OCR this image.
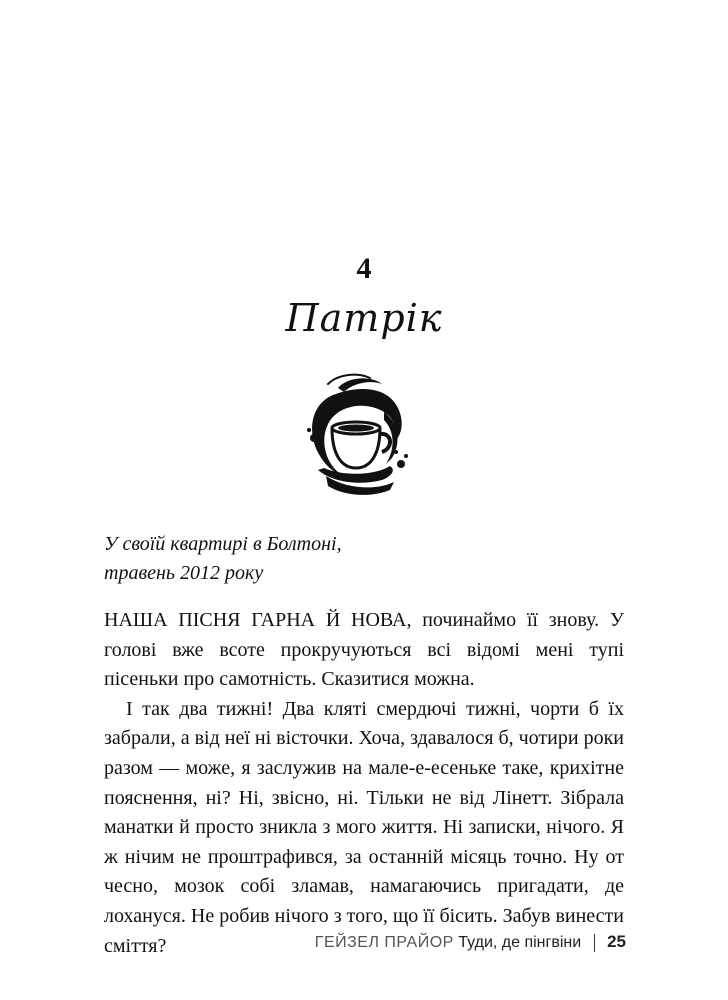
4
Патрік
У своїй квартирі в Болтоні,
травень 2012 року

НАША ПІСНЯ ГАРНА Й НОВА, починаймо її знову. У голові вже всоте прокручуються всі відомі мені тупі пісеньки про самотність. Сказитися можна.

І так два тижні! Два кляті смердючі тижні, чорти б їх забрали, а від неї ні вісточки. Хоча, здавалося б, чотири роки разом — може, я заслужив на мале-е-есеньке таке, крихітне пояснення, ні? Ні, звісно, ні. Тільки не від Лінетт. Зібрала манатки й просто зникла з мого життя. Ні записки, нічого. Я ж нічим не проштрафився, за останній місяць точно. Ну от чесно, мозок собі зламав, намагаючись пригадати, де лохануся. Не робив нічого з того, що її бісить. Забув винести сміття?	ГЕЙЗЕЛ ПРАЙОР Туди, де пінгвіни 25
